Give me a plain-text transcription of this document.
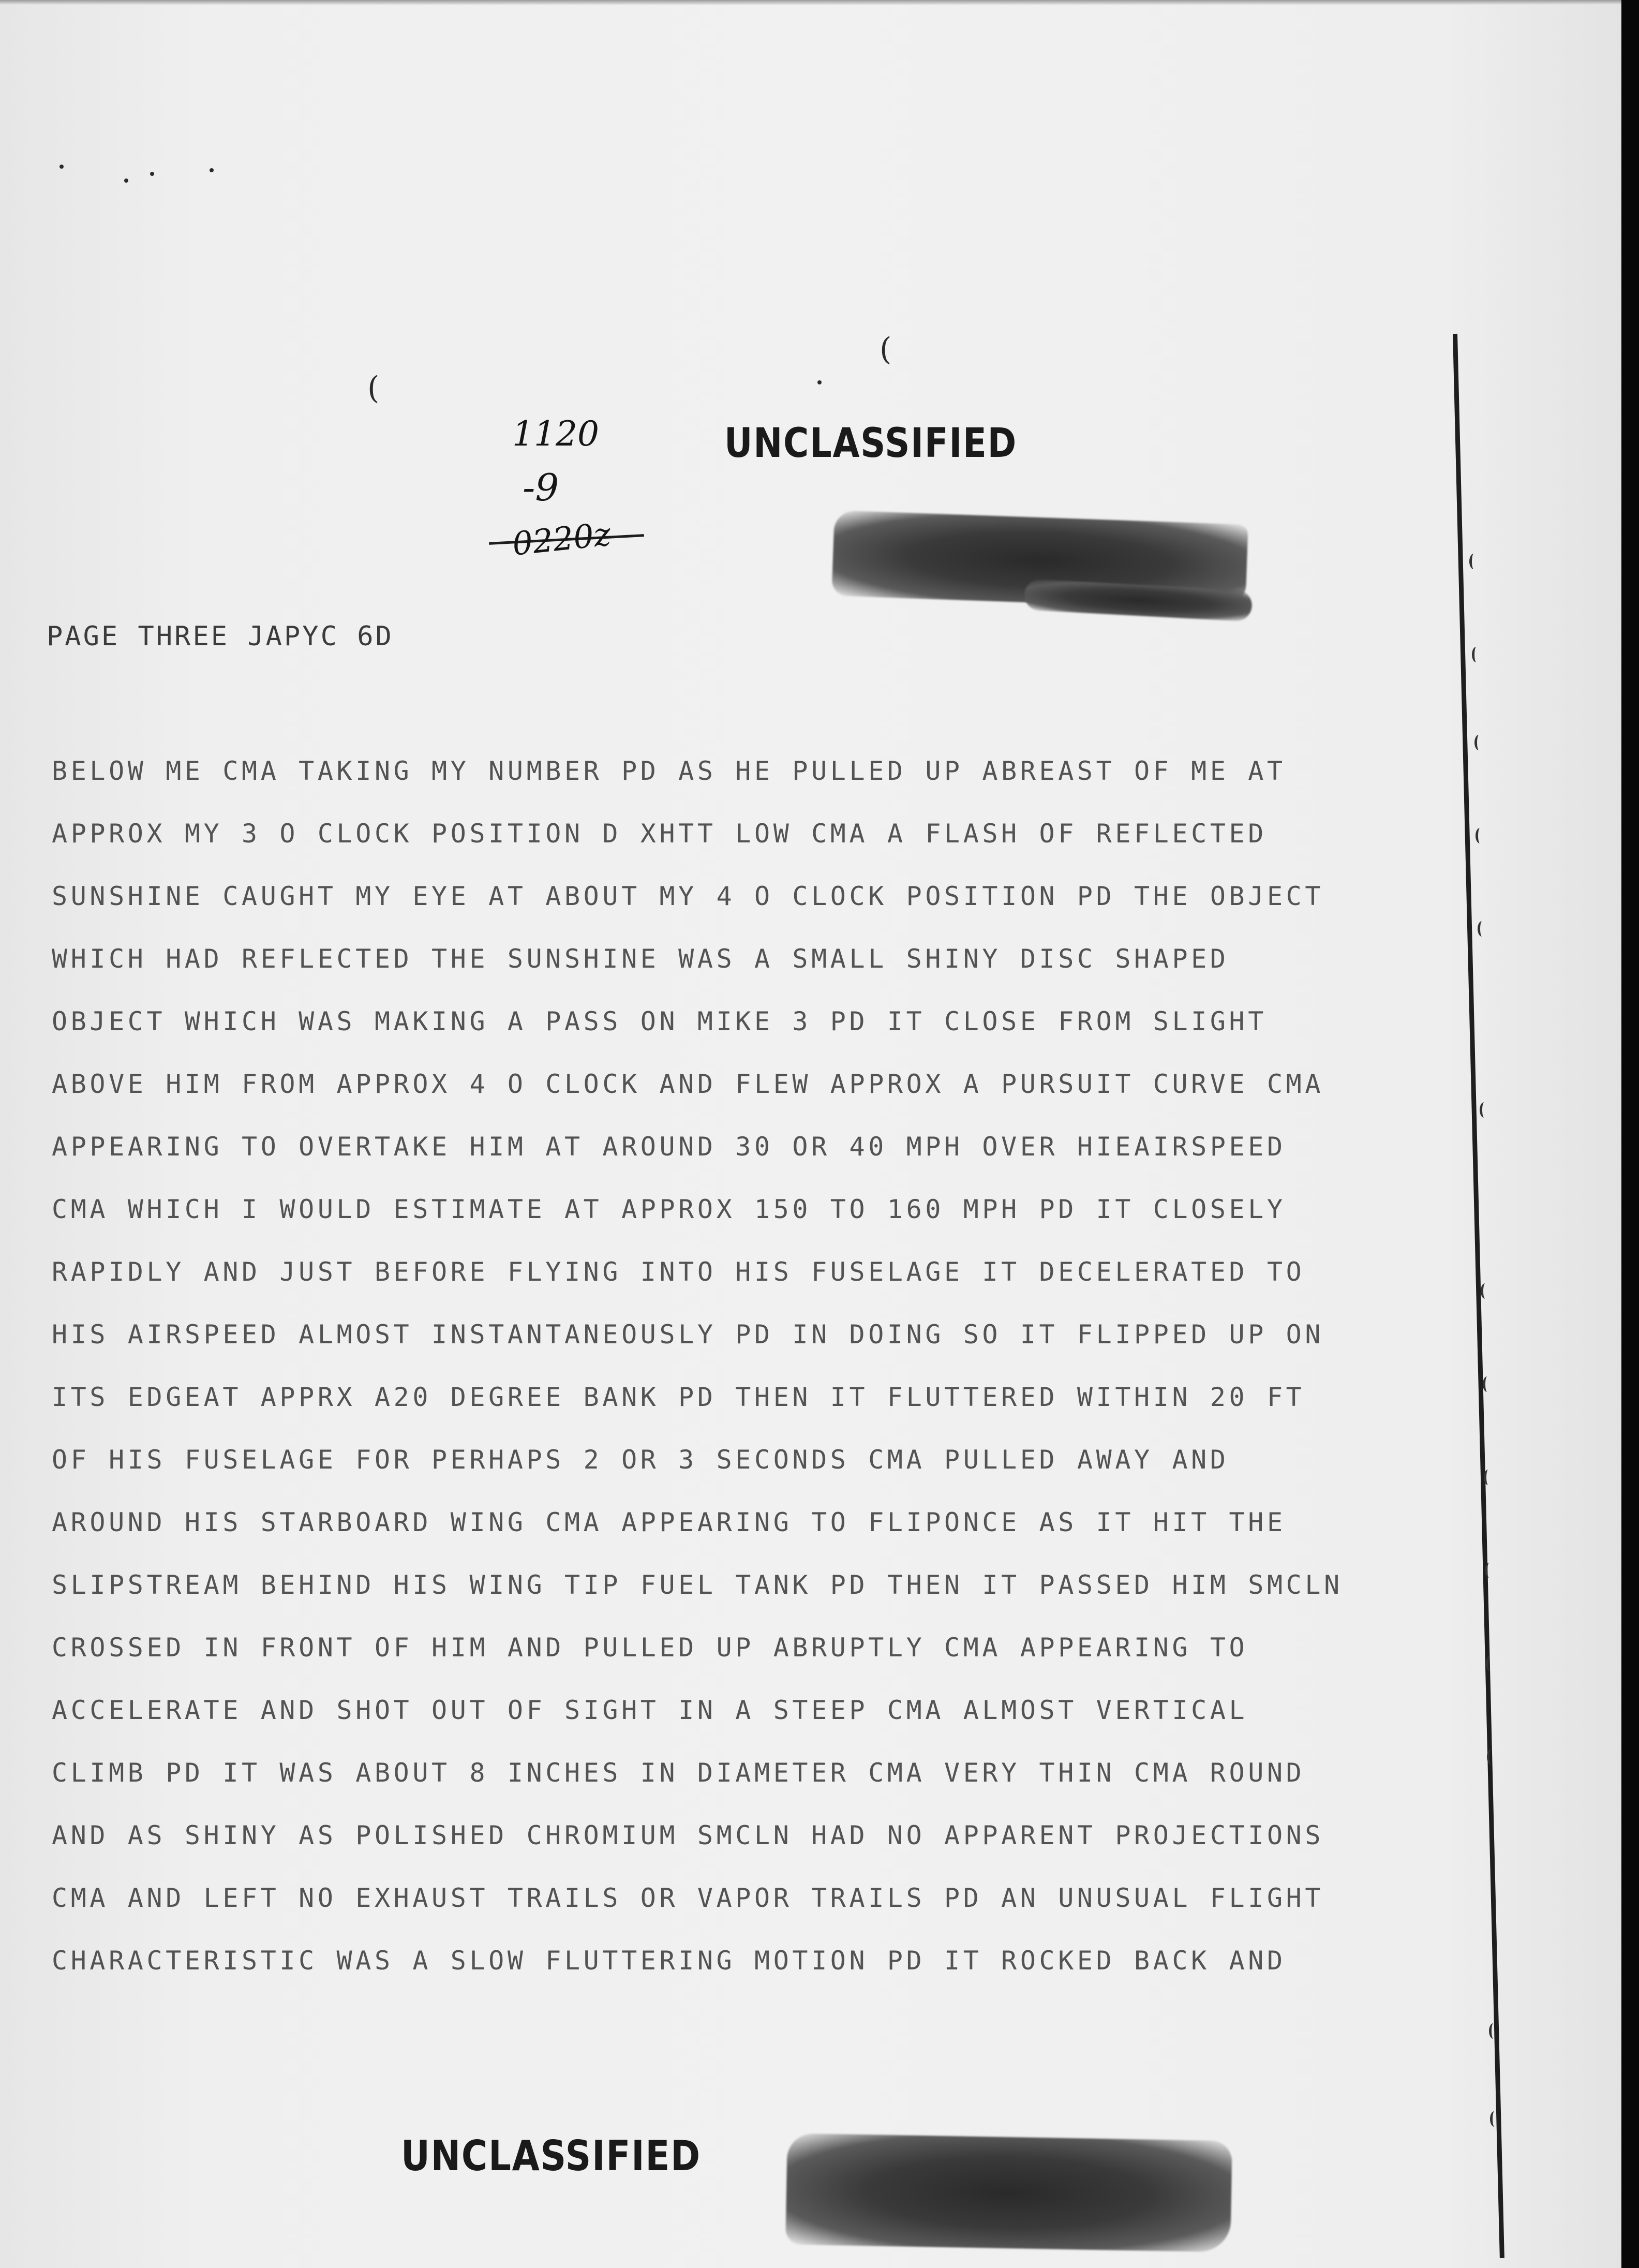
(
(
UNCLASSIFIED
1120
-9
0220z
PAGE THREE JAPYC 6D
BELOW ME CMA TAKING MY NUMBER PD AS HE PULLED UP ABREAST OF ME AT
APPROX MY 3 O CLOCK POSITION D XHTT LOW CMA A FLASH OF REFLECTED
SUNSHINE CAUGHT MY EYE AT ABOUT MY 4 O CLOCK POSITION PD THE OBJECT
WHICH HAD REFLECTED THE SUNSHINE WAS A SMALL SHINY DISC SHAPED
OBJECT WHICH WAS MAKING A PASS ON MIKE 3 PD IT CLOSE FROM SLIGHT
ABOVE HIM FROM APPROX 4 O CLOCK AND FLEW APPROX A PURSUIT CURVE CMA
APPEARING TO OVERTAKE HIM AT AROUND 30 OR 40 MPH OVER HIEAIRSPEED
CMA WHICH I WOULD ESTIMATE AT APPROX 150 TO 160 MPH PD IT CLOSELY
RAPIDLY AND JUST BEFORE FLYING INTO HIS FUSELAGE IT DECELERATED TO
HIS AIRSPEED ALMOST INSTANTANEOUSLY PD IN DOING SO IT FLIPPED UP ON
ITS EDGEAT APPRX A20 DEGREE BANK PD THEN IT FLUTTERED WITHIN 20 FT
OF HIS FUSELAGE FOR PERHAPS 2 OR 3 SECONDS CMA PULLED AWAY AND
AROUND HIS STARBOARD WING CMA APPEARING TO FLIPONCE AS IT HIT THE
SLIPSTREAM BEHIND HIS WING TIP FUEL TANK PD THEN IT PASSED HIM SMCLN
CROSSED IN FRONT OF HIM AND PULLED UP ABRUPTLY CMA APPEARING TO
ACCELERATE AND SHOT OUT OF SIGHT IN A STEEP CMA ALMOST VERTICAL
CLIMB PD IT WAS ABOUT 8 INCHES IN DIAMETER CMA VERY THIN CMA ROUND
AND AS SHINY AS POLISHED CHROMIUM SMCLN HAD NO APPARENT PROJECTIONS
CMA AND LEFT NO EXHAUST TRAILS OR VAPOR TRAILS PD AN UNUSUAL FLIGHT
CHARACTERISTIC WAS A SLOW FLUTTERING MOTION PD IT ROCKED BACK AND
UNCLASSIFIED
